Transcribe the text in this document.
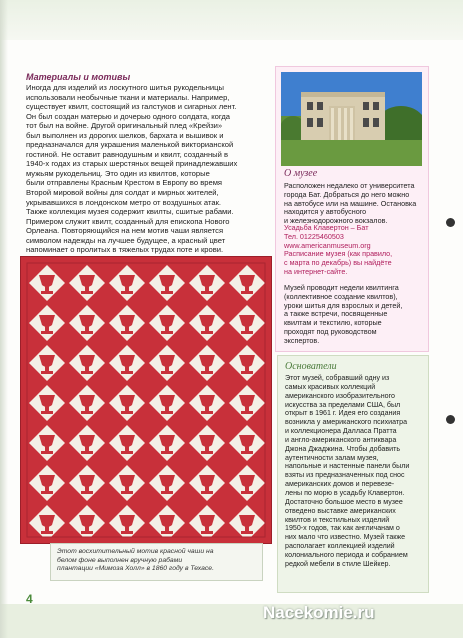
Материалы и мотивы
Иногда для изделий из лоскутного шитья рукодельницы
использовали необычные ткани и материалы. Например,
существует квилт, состоящий из галстуков и сигарных лент.
Он был создан матерью и дочерью одного солдата, когда
тот был на войне. Другой оригинальный плед «Крейзи»
был выполнен из дорогих шелков, бархата и вышивок и
предназначался для украшения маленькой викторианской
гостиной. Не оставит равнодушным и квилт, созданный в
1940-х годах из старых шерстяных вещей принадлежавших
мужьям рукодельниц. Это один из квилтов, которые
были отправлены Красным Крестом в Европу во время
Второй мировой войны для солдат и мирных жителей,
укрывавшихся в лондонском метро от воздушных атак.
Также коллекция музея содержит квилты, сшитые рабами.
Примером служит квилт, созданный для епископа Нового
Орлеана. Повторяющийся на нем мотив чаши является
символом надежды на лучшее будущее, а красный цвет
напоминает о пролитых в тяжелых трудах поте и крови.
Этот восхитительный мотив красной чаши на
белом фоне выполнен вручную рабами
плантации «Мимоза Холл» в 1860 году в Техасе.
О музее
Расположен недалеко от университета
города Бат. Добраться до него можно
на автобусе или на машине. Остановка
находится у автобусного
и железнодорожного вокзалов.
Усадьба Клавертон – Бат
Тел. 01225460503
www.americanmuseum.org
Расписание музея (как правило,
с марта по декабрь) вы найдёте
на интернет-сайте.
Музей проводит недели квилтинга
(коллективное создание квилтов),
уроки шитья для взрослых и детей,
а также встречи, посвященные
квилтам и текстилю, которые
проходят под руководством
экспертов.
Основатели
Этот музей, собравший одну из
самых красивых коллекций
американского изобразительного
искусства за пределами США, был
открыт в 1961 г. Идея его создания
возникла у американского психиатра
и коллекционера Далласа Пратта
и англо-американского антиквара
Джона Джаджина. Чтобы добавить
аутентичности залам музея,
напольные и настенные панели были
взяты из предназначенных под снос
американских домов и перевезе-
лены по морю в усадьбу Клавертон.
Достаточно большое место в музее
отведено выставке американских
квилтов и текстильных изделий
1950-х годов, так как англичанам о
них мало что известно. Музей также
располагает коллекцией изделий
колониального периода и собранием
редкой мебели в стиле Шейкер.
4
Nacekomie.ru
